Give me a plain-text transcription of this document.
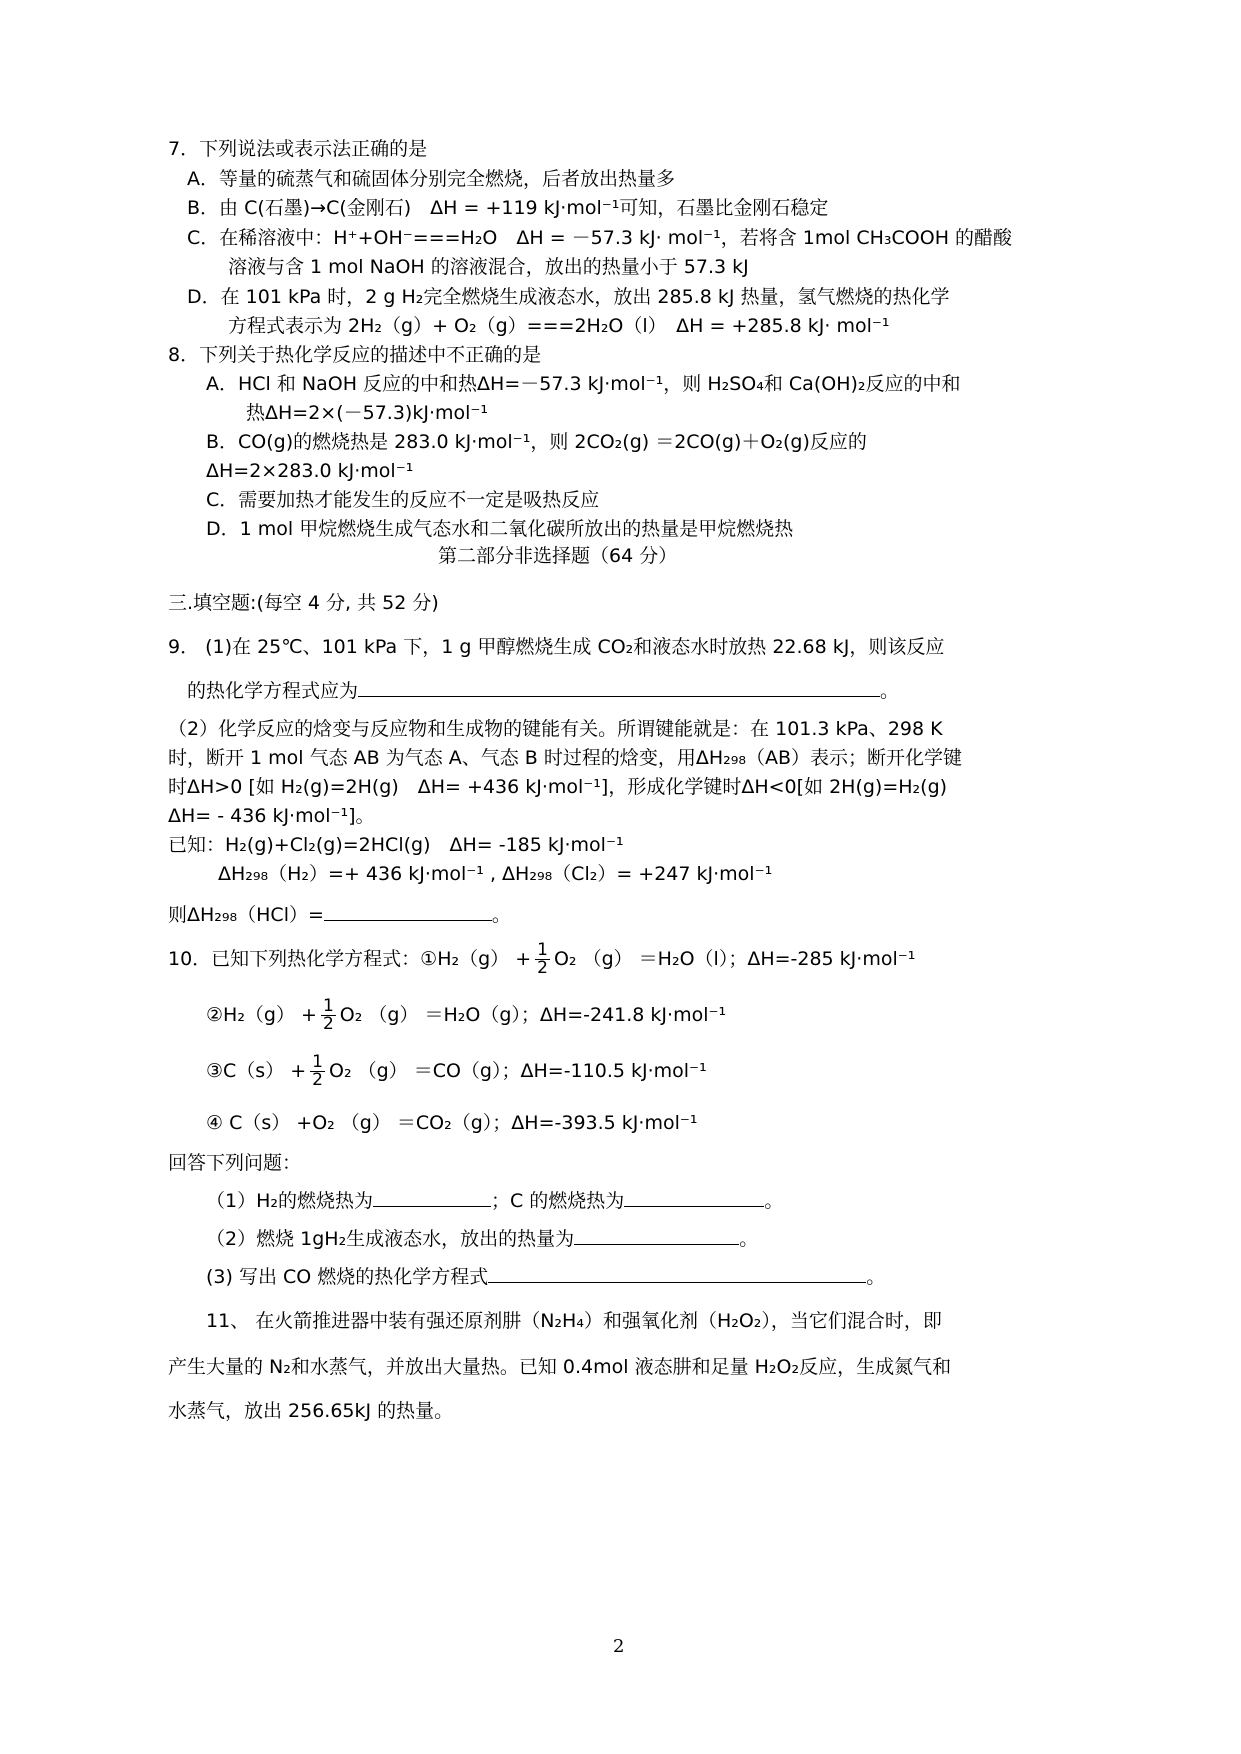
7．下列说法或表示法正确的是
A．等量的硫蒸气和硫固体分别完全燃烧，后者放出热量多
B．由 C(石墨)→C(金刚石)　ΔH = +119 kJ·mol⁻¹可知，石墨比金刚石稳定
C．在稀溶液中：H⁺+OH⁻===H₂O　ΔH = －57.3 kJ· mol⁻¹，若将含 1mol CH₃COOH 的醋酸
溶液与含 1 mol NaOH 的溶液混合，放出的热量小于 57.3 kJ
D．在 101 kPa 时，2 g H₂完全燃烧生成液态水，放出 285.8 kJ 热量，氢气燃烧的热化学
方程式表示为 2H₂（g）+ O₂（g）===2H₂O（l）　ΔH = +285.8 kJ· mol⁻¹
8．下列关于热化学反应的描述中不正确的是
A．HCl 和 NaOH 反应的中和热ΔH=－57.3 kJ·mol⁻¹，则 H₂SO₄和 Ca(OH)₂反应的中和
热ΔH=2×(－57.3)kJ·mol⁻¹
B．CO(g)的燃烧热是 283.0 kJ·mol⁻¹，则 2CO₂(g) ＝2CO(g)＋O₂(g)反应的
ΔH=2×283.0 kJ·mol⁻¹
C．需要加热才能发生的反应不一定是吸热反应
D．1 mol 甲烷燃烧生成气态水和二氧化碳所放出的热量是甲烷燃烧热
第二部分非选择题（64 分）
三.填空题:(每空 4 分, 共 52 分)
9． (1)在 25℃、101 kPa 下，1 g 甲醇燃烧生成 CO₂和液态水时放热 22.68 kJ，则该反应
的热化学方程式应为	。
（2）化学反应的焓变与反应物和生成物的键能有关。所谓键能就是：在 101.3 kPa、298 K
时，断开 1 mol 气态 AB 为气态 A、气态 B 时过程的焓变，用ΔH₂₉₈（AB）表示；断开化学键
时ΔH>0 [如 H₂(g)=2H(g)　ΔH= +436 kJ·mol⁻¹]，形成化学键时ΔH<0[如 2H(g)=H₂(g)
ΔH= - 436 kJ·mol⁻¹]。
已知：H₂(g)+Cl₂(g)=2HCl(g)　ΔH= -185 kJ·mol⁻¹
ΔH₂₉₈（H₂）=+ 436 kJ·mol⁻¹ , ΔH₂₉₈（Cl₂）= +247 kJ·mol⁻¹
则ΔH₂₉₈（HCl）=	。
10．已知下列热化学方程式：①H₂（g） + $\frac{1}{2} O_2$ （g） ＝H₂O（l）；ΔH=-285 kJ·mol⁻¹
②H₂（g） + $\frac{1}{2} O_2$ （g） ＝H₂O（g）；ΔH=-241.8 kJ·mol⁻¹
③C（s） + $\frac{1}{2} O_2$ （g） ＝CO（g）；ΔH=-110.5 kJ·mol⁻¹
④ C（s） +O₂ （g） ＝CO₂（g）；ΔH=-393.5 kJ·mol⁻¹
回答下列问题：
（1）H₂的燃烧热为	；C 的燃烧热为	。
（2）燃烧 1gH₂生成液态水，放出的热量为	。
(3) 写出 CO 燃烧的热化学方程式	。
11、 在火箭推进器中装有强还原剂肼（N₂H₄）和强氧化剂（H₂O₂），当它们混合时，即
产生大量的 N₂和水蒸气，并放出大量热。已知 0.4mol 液态肼和足量 H₂O₂反应，生成氮气和
水蒸气，放出 256.65kJ 的热量。
2
